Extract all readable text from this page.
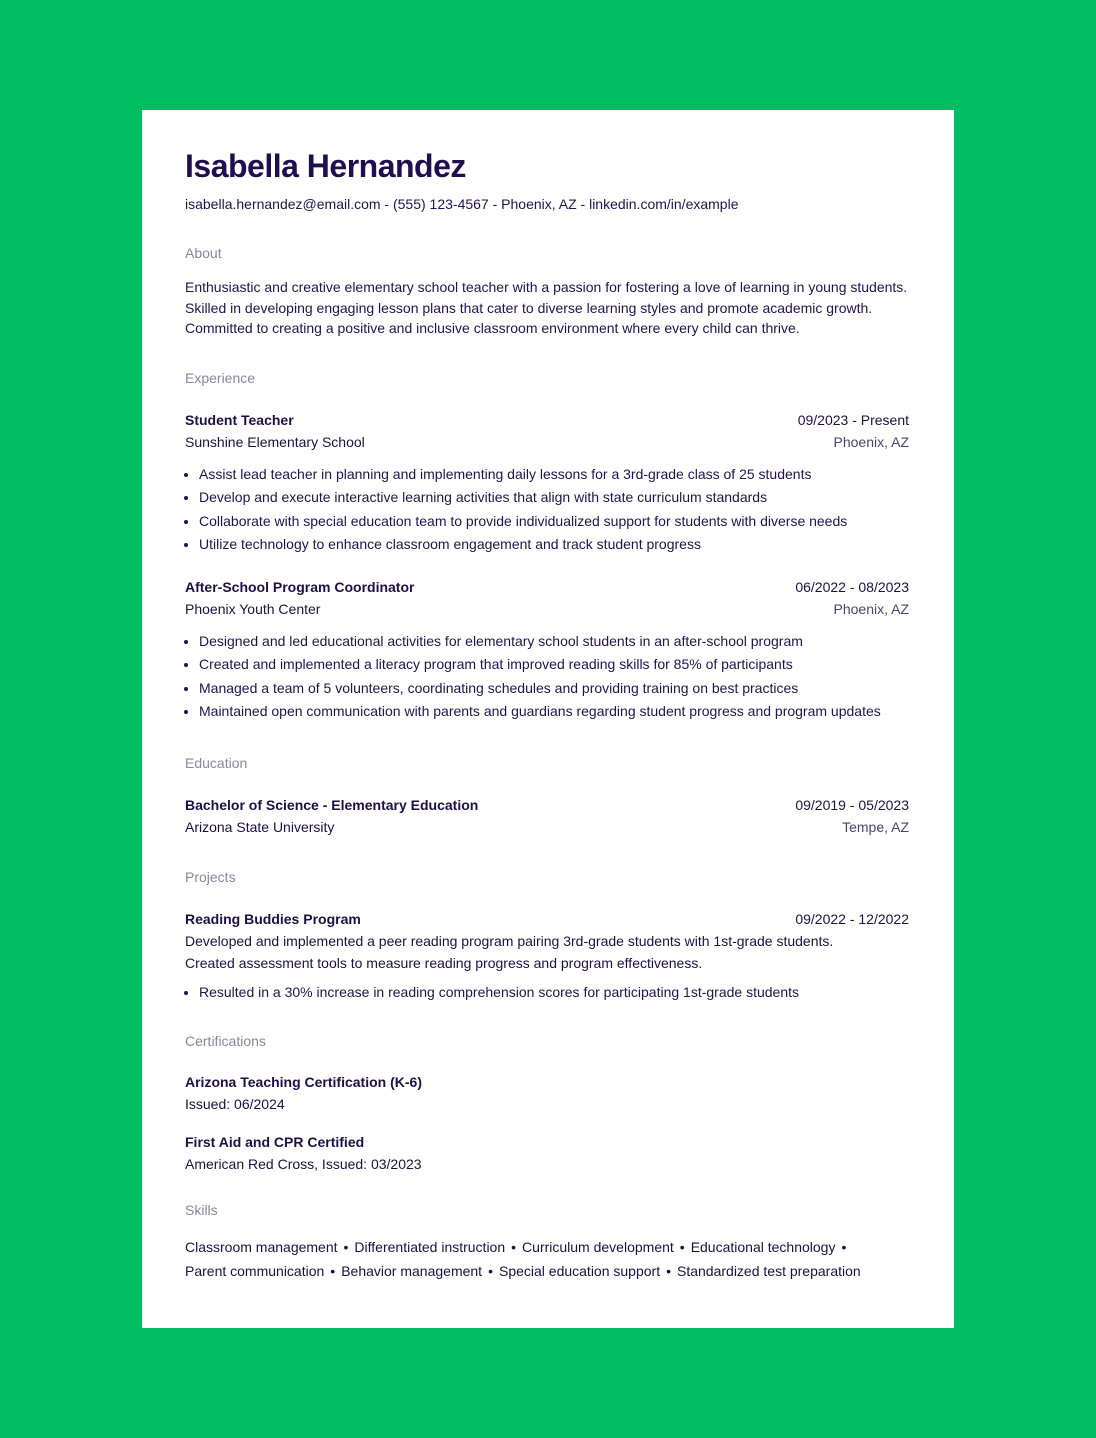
Isabella Hernandez
isabella.hernandez@email.com - (555) 123-4567 - Phoenix, AZ - linkedin.com/in/example
About
Enthusiastic and creative elementary school teacher with a passion for fostering a love of learning in young students. Skilled in developing engaging lesson plans that cater to diverse learning styles and promote academic growth. Committed to creating a positive and inclusive classroom environment where every child can thrive.
Experience
Student Teacher	09/2023 - Present
Sunshine Elementary School	Phoenix, AZ
• Assist lead teacher in planning and implementing daily lessons for a 3rd-grade class of 25 students
• Develop and execute interactive learning activities that align with state curriculum standards
• Collaborate with special education team to provide individualized support for students with diverse needs
• Utilize technology to enhance classroom engagement and track student progress
After-School Program Coordinator	06/2022 - 08/2023
Phoenix Youth Center	Phoenix, AZ
• Designed and led educational activities for elementary school students in an after-school program
• Created and implemented a literacy program that improved reading skills for 85% of participants
• Managed a team of 5 volunteers, coordinating schedules and providing training on best practices
• Maintained open communication with parents and guardians regarding student progress and program updates
Education
Bachelor of Science - Elementary Education	09/2019 - 05/2023
Arizona State University	Tempe, AZ
Projects
Reading Buddies Program	09/2022 - 12/2022
Developed and implemented a peer reading program pairing 3rd-grade students with 1st-grade students.
Created assessment tools to measure reading progress and program effectiveness.
• Resulted in a 30% increase in reading comprehension scores for participating 1st-grade students
Certifications
Arizona Teaching Certification (K-6)
Issued: 06/2024
First Aid and CPR Certified
American Red Cross, Issued: 03/2023
Skills
Classroom management • Differentiated instruction • Curriculum development • Educational technology •
Parent communication • Behavior management • Special education support • Standardized test preparation
